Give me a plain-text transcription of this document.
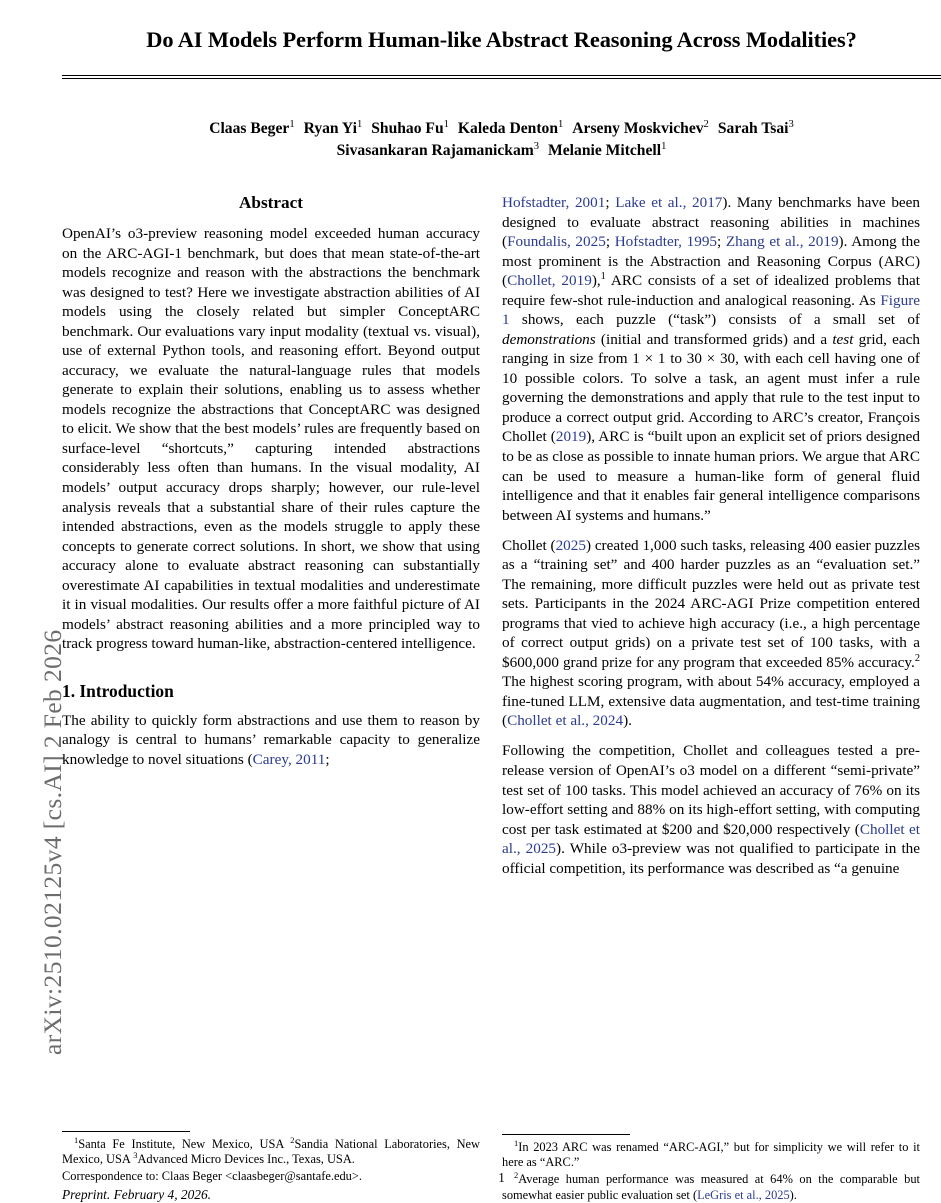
arXiv:2510.02125v4 [cs.AI] 2 Feb 2026
Do AI Models Perform Human-like Abstract Reasoning Across Modalities?
Claas Beger$^1$ Ryan Yi$^1$ Shuhao Fu$^1$ Kaleda Denton$^1$ Arseny Moskvichev$^2$ Sarah Tsai$^3$
Sivasankaran Rajamanickam$^3$ Melanie Mitchell$^1$
Abstract

OpenAI’s o3-preview reasoning model exceeded human accuracy on the ARC-AGI-1 benchmark, but does that mean state-of-the-art models recognize and reason with the abstractions the benchmark was designed to test? Here we investigate abstraction abilities of AI models using the closely related but simpler ConceptARC benchmark. Our evaluations vary input modality (textual vs. visual), use of external Python tools, and reasoning effort. Beyond output accuracy, we evaluate the natural-language rules that models generate to explain their solutions, enabling us to assess whether models recognize the abstractions that ConceptARC was designed to elicit. We show that the best models’ rules are frequently based on surface-level “shortcuts,” capturing intended abstractions considerably less often than humans. In the visual modality, AI models’ output accuracy drops sharply; however, our rule-level analysis reveals that a substantial share of their rules capture the intended abstractions, even as the models struggle to apply these concepts to generate correct solutions. In short, we show that using accuracy alone to evaluate abstract reasoning can substantially overestimate AI capabilities in textual modalities and underestimate it in visual modalities. Our results offer a more faithful picture of AI models’ abstract reasoning abilities and a more principled way to track progress toward human-like, abstraction-centered intelligence.

1. Introduction

The ability to quickly form abstractions and use them to reason by analogy is central to humans’ remarkable capacity to generalize knowledge to novel situations (Carey, 2011;

$^1$Santa Fe Institute, New Mexico, USA $^2$Sandia National Laboratories, New Mexico, USA $^3$Advanced Micro Devices Inc., Texas, USA.

Correspondence to: Claas Beger <claasbeger@santafe.edu>.

Preprint. February 4, 2026.

Hofstadter, 2001; Lake et al., 2017). Many benchmarks have been designed to evaluate abstract reasoning abilities in machines (Foundalis, 2025; Hofstadter, 1995; Zhang et al., 2019). Among the most prominent is the Abstraction and Reasoning Corpus (ARC) (Chollet, 2019),$^1$ ARC consists of a set of idealized problems that require few-shot rule-induction and analogical reasoning. As Figure 1 shows, each puzzle (“task”) consists of a small set of demonstrations (initial and transformed grids) and a test grid, each ranging in size from 1 × 1 to 30 × 30, with each cell having one of 10 possible colors. To solve a task, an agent must infer a rule governing the demonstrations and apply that rule to the test input to produce a correct output grid. According to ARC’s creator, François Chollet (2019), ARC is “built upon an explicit set of priors designed to be as close as possible to innate human priors. We argue that ARC can be used to measure a human-like form of general fluid intelligence and that it enables fair general intelligence comparisons between AI systems and humans.”

Chollet (2025) created 1,000 such tasks, releasing 400 easier puzzles as a “training set” and 400 harder puzzles as an “evaluation set.” The remaining, more difficult puzzles were held out as private test sets. Participants in the 2024 ARC-AGI Prize competition entered programs that vied to achieve high accuracy (i.e., a high percentage of correct output grids) on a private test set of 100 tasks, with a $600,000 grand prize for any program that exceeded 85% accuracy.$^2$ The highest scoring program, with about 54% accuracy, employed a fine-tuned LLM, extensive data augmentation, and test-time training (Chollet et al., 2024).

Following the competition, Chollet and colleagues tested a pre-release version of OpenAI’s o3 model on a different “semi-private” test set of 100 tasks. This model achieved an accuracy of 76% on its low-effort setting and 88% on its high-effort setting, with computing cost per task estimated at $200 and $20,000 respectively (Chollet et al., 2025). While o3-preview was not qualified to participate in the official competition, its performance was described as “a genuine

$^1$In 2023 ARC was renamed “ARC-AGI,” but for simplicity we will refer to it here as “ARC.”

$^2$Average human performance was measured at 64% on the comparable but somewhat easier public evaluation set (LeGris et al., 2025).

1
